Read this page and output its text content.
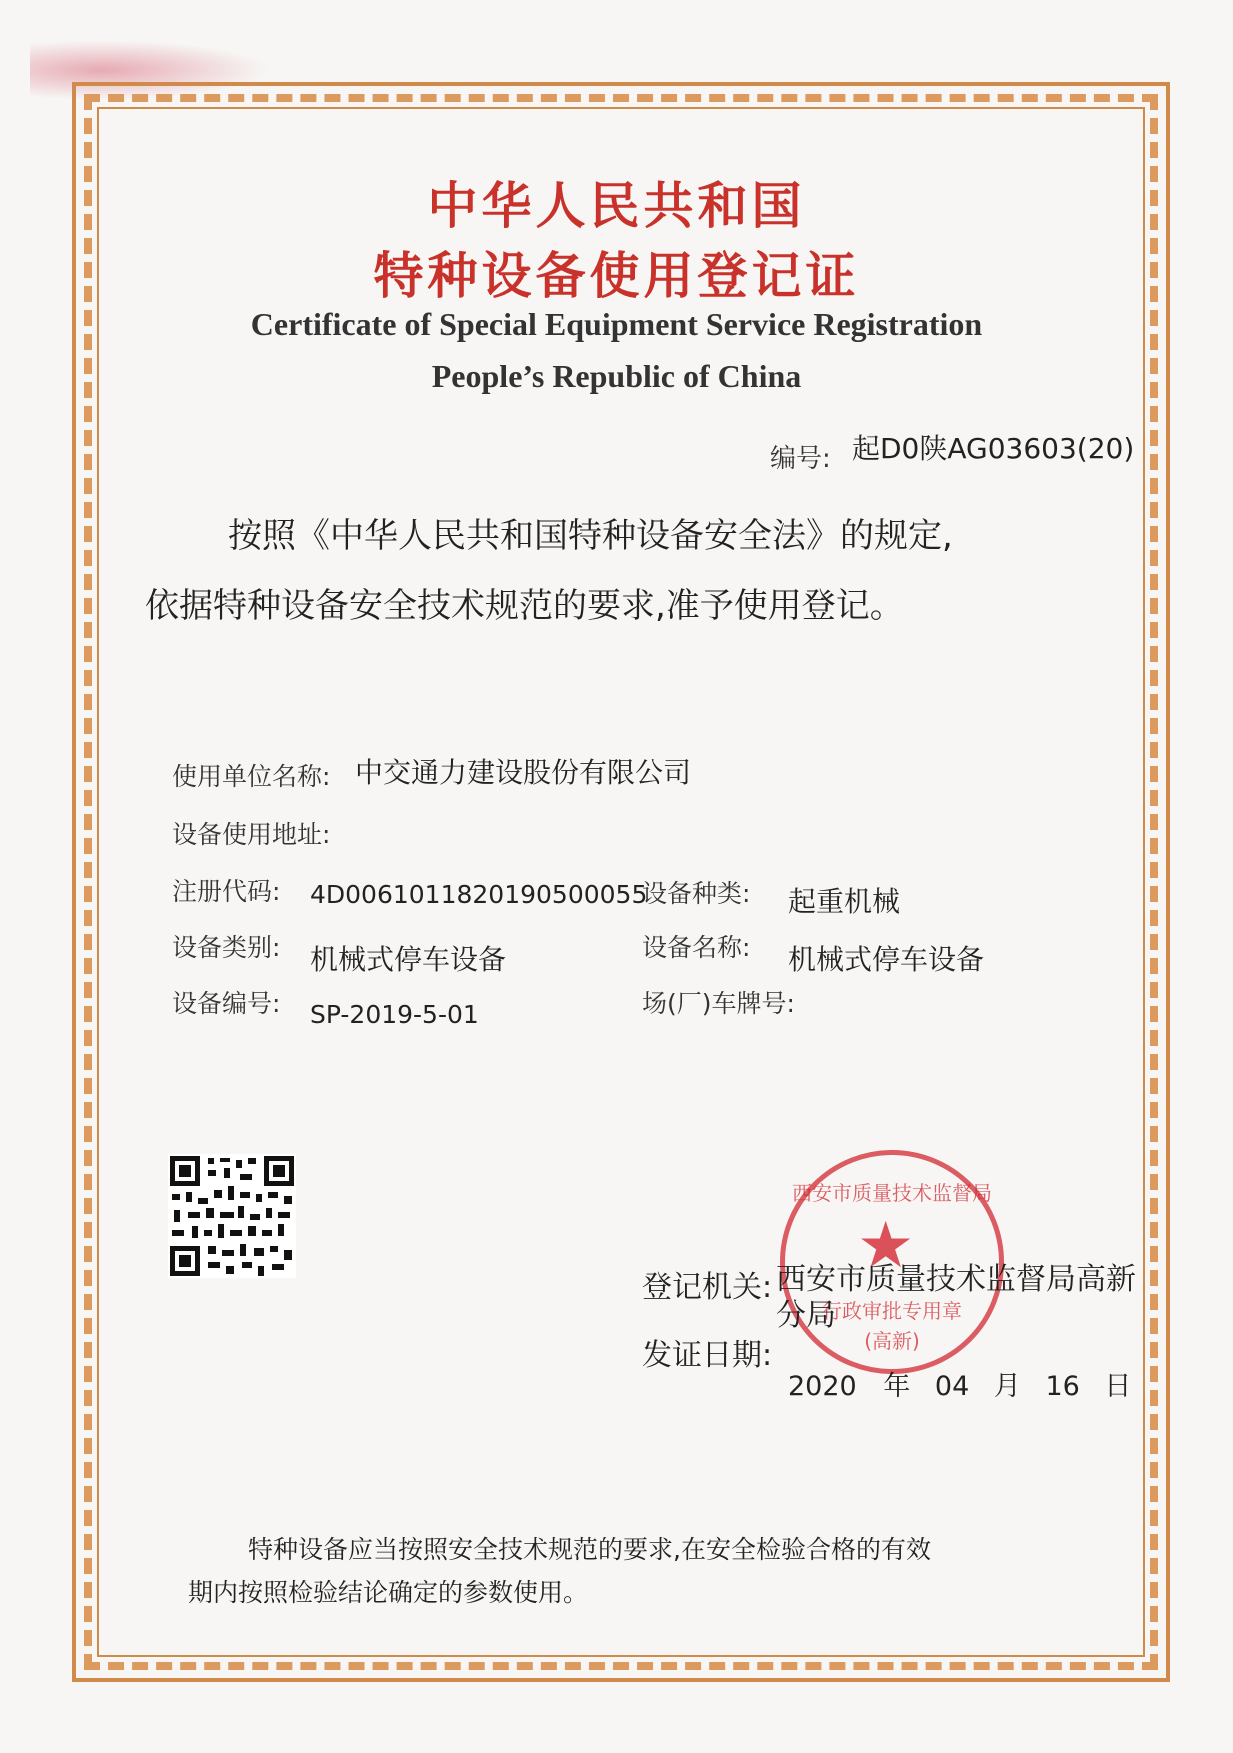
中华人民共和国
特种设备使用登记证
Certificate of Special Equipment Service Registration
People’s Republic of China
编号: 起D0陕AG03603(20)
按照《中华人民共和国特种设备安全法》的规定,
依据特种设备安全技术规范的要求,准予使用登记。
使用单位名称: 中交通力建设股份有限公司
设备使用地址:
注册代码: 4D0061011820190500055
设备种类: 起重机械
设备类别: 机械式停车设备	设备名称: 机械式停车设备
设备编号: SP-2019-5-01	场(厂)车牌号:
★
西安市质量技术监督局
行政审批专用章
(高新)
登记机关: 西安市质量技术监督局高新
分局
发证日期:
2020 年 04 月 16 日
特种设备应当按照安全技术规范的要求,在安全检验合格的有效
期内按照检验结论确定的参数使用。
